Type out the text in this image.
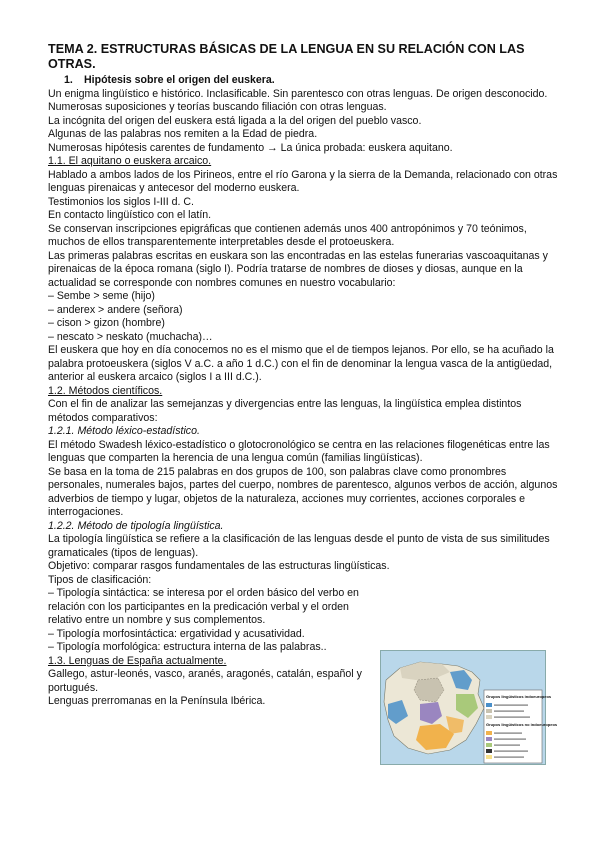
TEMA 2. ESTRUCTURAS BÁSICAS DE LA LENGUA EN SU RELACIÓN CON LAS OTRAS.
1. Hipótesis sobre el origen del euskera.

Un enigma lingüístico e histórico. Inclasificable. Sin parentesco con otras lenguas. De origen desconocido. Numerosas suposiciones y teorías buscando filiación con otras lenguas.

La incógnita del origen del euskera está ligada a la del origen del pueblo vasco.

Algunas de las palabras nos remiten a la Edad de piedra.

Numerosas hipótesis carentes de fundamento → La única probada: euskera aquitano.

1.1. El aquitano o euskera arcaico.

Hablado a ambos lados de los Pirineos, entre el río Garona y la sierra de la Demanda, relacionado con otras lenguas pirenaicas y antecesor del moderno euskera.

Testimonios los siglos I-III d. C.

En contacto lingüístico con el latín.

Se conservan inscripciones epigráficas que contienen además unos 400 antropónimos y 70 teónimos, muchos de ellos transparentemente interpretables desde el protoeuskera.

Las primeras palabras escritas en euskara son las encontradas en las estelas funerarias vascoaquitanas y pirenaicas de la época romana (siglo I). Podría tratarse de nombres de dioses y diosas, aunque en la actualidad se corresponde con nombres comunes en nuestro vocabulario:

– Sembe > seme (hijo)

– anderex > andere (señora)

– cison > gizon (hombre)

– nescato > neskato (muchacha)…

El euskera que hoy en día conocemos no es el mismo que el de tiempos lejanos. Por ello, se ha acuñado la palabra protoeuskera (siglos V a.C. a año 1 d.C.) con el fin de denominar la lengua vasca de la antigüedad, anterior al euskera arcaico (siglos I a III d.C.).

1.2. Métodos científicos.

Con el fin de analizar las semejanzas y divergencias entre las lenguas, la lingüística emplea distintos métodos comparativos:

1.2.1. Método léxico-estadístico.

El método Swadesh léxico-estadístico o glotocronológico se centra en las relaciones filogenéticas entre las lenguas que comparten la herencia de una lengua común (familias lingüísticas).

Se basa en la toma de 215 palabras en dos grupos de 100, son palabras clave como pronombres personales, numerales bajos, partes del cuerpo, nombres de parentesco, algunos verbos de acción, algunos adverbios de tiempo y lugar, objetos de la naturaleza, acciones muy corrientes, acciones corporales e interrogaciones.

1.2.2. Método de tipología lingüística.

La tipología lingüística se refiere a la clasificación de las lenguas desde el punto de vista de sus similitudes gramaticales (tipos de lenguas).

Objetivo: comparar rasgos fundamentales de las estructuras lingüísticas.

Tipos de clasificación:

– Tipología sintáctica: se interesa por el orden básico del verbo en relación con los participantes en la predicación verbal y el orden relativo entre un nombre y sus complementos.

– Tipología morfosintáctica: ergatividad y acusatividad.

– Tipología morfológica: estructura interna de las palabras..

1.3. Lenguas de España actualmente.

Gallego, astur-leonés, vasco, aranés, aragonés, catalán, español y portugués.

Lenguas prerromanas en la Península Ibérica.	Grupos lingüísticos indoeuropeos
Grupos lingüísticos no indoeuropeos
